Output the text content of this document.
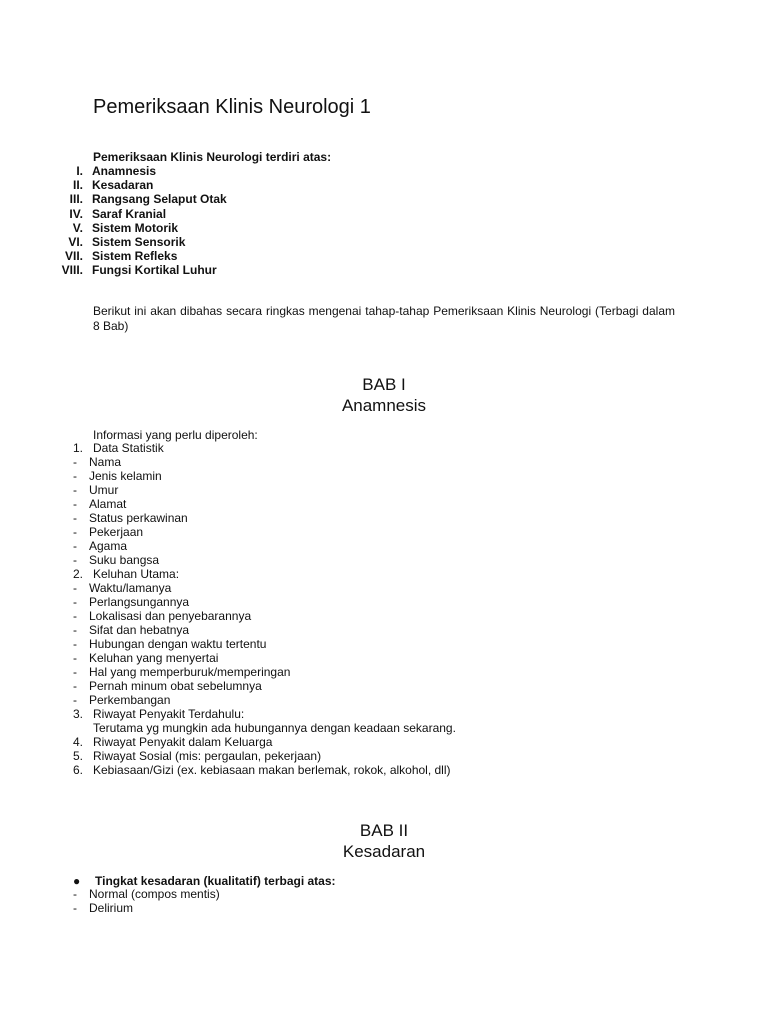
Pemeriksaan Klinis Neurologi 1
Pemeriksaan Klinis Neurologi terdiri atas:
I. Anamnesis
II. Kesadaran
III. Rangsang Selaput Otak
IV. Saraf Kranial
V. Sistem Motorik
VI. Sistem Sensorik
VII. Sistem Refleks
VIII. Fungsi Kortikal Luhur

Berikut ini akan dibahas secara ringkas mengenai tahap-tahap Pemeriksaan Klinis Neurologi (Terbagi dalam 8 Bab)

BAB I
Anamnesis
Informasi yang perlu diperoleh:
1. Data Statistik
-	Nama
-	Jenis kelamin
-	Umur
-	Alamat
-	Status perkawinan
-	Pekerjaan
-	Agama
-	Suku bangsa
2. Keluhan Utama:
-	Waktu/lamanya
-	Perlangsungannya
-	Lokalisasi dan penyebarannya
-	Sifat dan hebatnya
-	Hubungan dengan waktu tertentu
-	Keluhan yang menyertai
-	Hal yang memperburuk/memperingan
-	Pernah minum obat sebelumnya
-	Perkembangan
3. Riwayat Penyakit Terdahulu:
Terutama yg mungkin ada hubungannya dengan keadaan sekarang.
4. Riwayat Penyakit dalam Keluarga
5. Riwayat Sosial (mis: pergaulan, pekerjaan)
6. Kebiasaan/Gizi (ex. kebiasaan makan berlemak, rokok, alkohol, dll)
BAB II
Kesadaran
●	Tingkat kesadaran (kualitatif) terbagi atas:
-	Normal (compos mentis)
-	Delirium
